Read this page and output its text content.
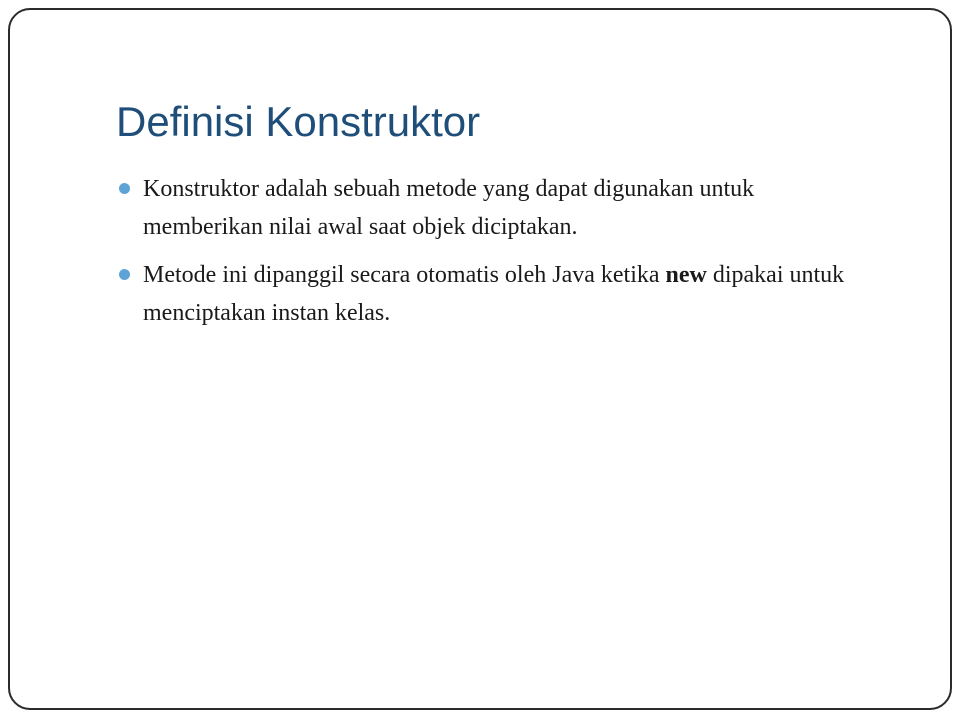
Definisi Konstruktor
Konstruktor adalah sebuah metode yang dapat digunakan untuk memberikan nilai awal saat objek diciptakan.
Metode ini dipanggil secara otomatis oleh Java ketika new dipakai untuk menciptakan instan kelas.
